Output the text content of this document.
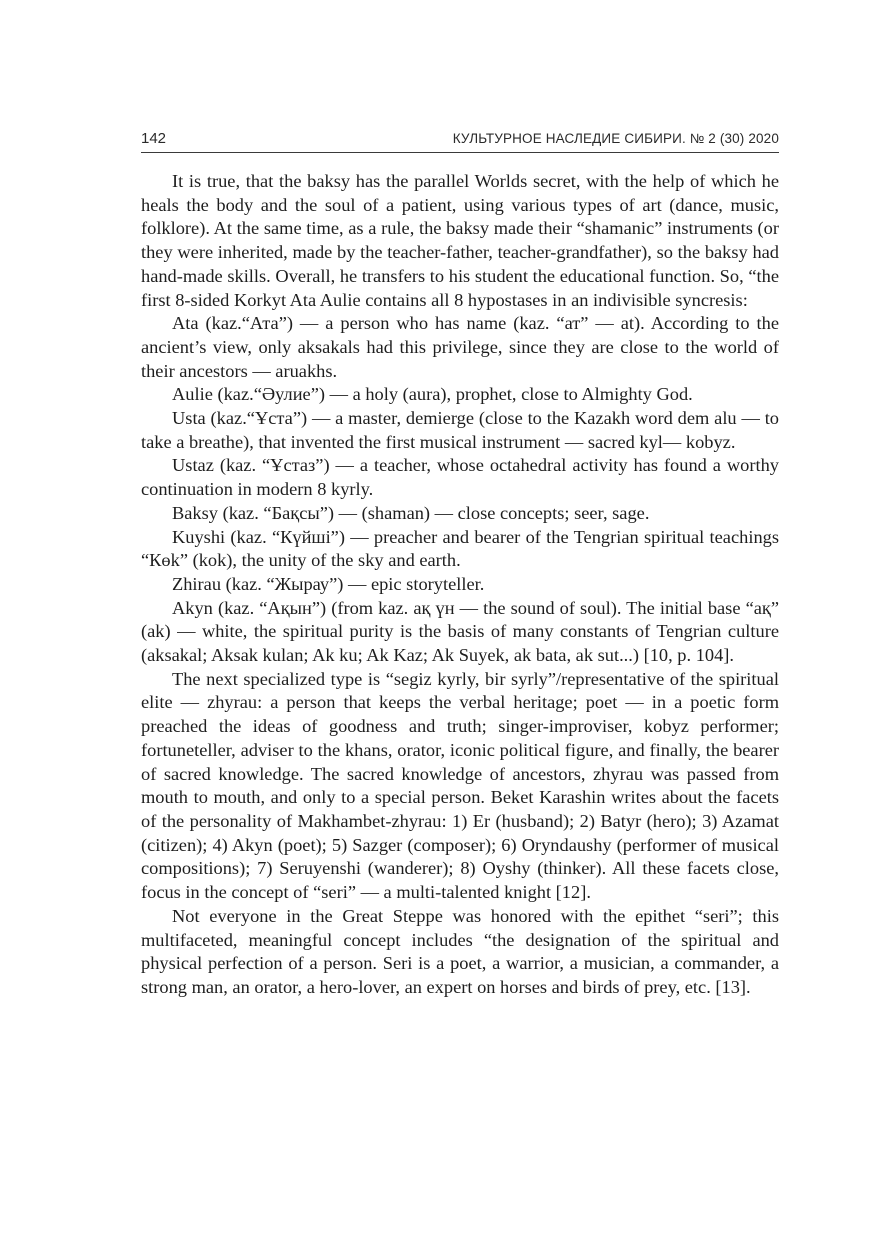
142	КУЛЬТУРНОЕ НАСЛЕДИЕ СИБИРИ. № 2 (30) 2020

It is true, that the baksy has the parallel Worlds secret, with the help of which he heals the body and the soul of a patient, using various types of art (dance, music, folklore). At the same time, as a rule, the baksy made their “shamanic” instruments (or they were inherited, made by the teacher-father, teacher-grandfather), so the baksy had hand-made skills. Overall, he transfers to his student the educational function. So, “the first 8-sided Korkyt Ata Aulie contains all 8 hypostases in an indivisible syncresis:

Ata (kaz.“Ата”) — a person who has name (kaz. “ат” — at). According to the ancient’s view, only aksakals had this privilege, since they are close to the world of their ancestors — aruakhs.

Aulie (kaz.“Әулие”) — a holy (aura), prophet, close to Almighty God.

Usta (kaz.“Ұста”) — a master, demierge (close to the Kazakh word dem alu — to take a breathe), that invented the first musical instrument — sacred kyl— kobyz.

Ustaz (kaz. “Ұстаз”) — a teacher, whose octahedral activity has found a worthy continuation in modern 8 kyrly.

Baksy (kaz. “Бақсы”) — (shaman) — close concepts; seer, sage.

Kuyshi (kaz. “Күйші”) — preacher and bearer of the Tengrian spiritual teachings “Көk” (kok), the unity of the sky and earth.

Zhirau (kaz. “Жырау”) — epic storyteller.

Akyn (kaz. “Ақын”) (from kaz. ақ үн — the sound of soul). The initial base “ақ” (ak) — white, the spiritual purity is the basis of many constants of Tengrian culture (aksakal; Aksak kulan; Ak ku; Ak Kaz; Ak Suyek, ak bata, ak sut...) [10, p. 104].

The next specialized type is “segiz kyrly, bir syrly”/representative of the spiritual elite — zhyrau: a person that keeps the verbal heritage; poet — in a poetic form preached the ideas of goodness and truth; singer-improviser, kobyz performer; fortuneteller, adviser to the khans, orator, iconic political figure, and finally, the bearer of sacred knowledge. The sacred knowledge of ancestors, zhyrau was passed from mouth to mouth, and only to a special person. Beket Karashin writes about the facets of the personality of Makhambet-zhyrau: 1) Er (husband); 2) Batyr (hero); 3) Azamat (citizen); 4) Akyn (poet); 5) Sazger (composer); 6) Oryndaushy (performer of musical compositions); 7) Seruyenshi (wanderer); 8) Oyshy (thinker). All these facets close, focus in the concept of “seri” — a multi-talented knight [12].

Not everyone in the Great Steppe was honored with the epithet “seri”; this multifaceted, meaningful concept includes “the designation of the spiritual and physical perfection of a person. Seri is a poet, a warrior, a musician, a commander, a strong man, an orator, a hero-lover, an expert on horses and birds of prey, etc. [13].
